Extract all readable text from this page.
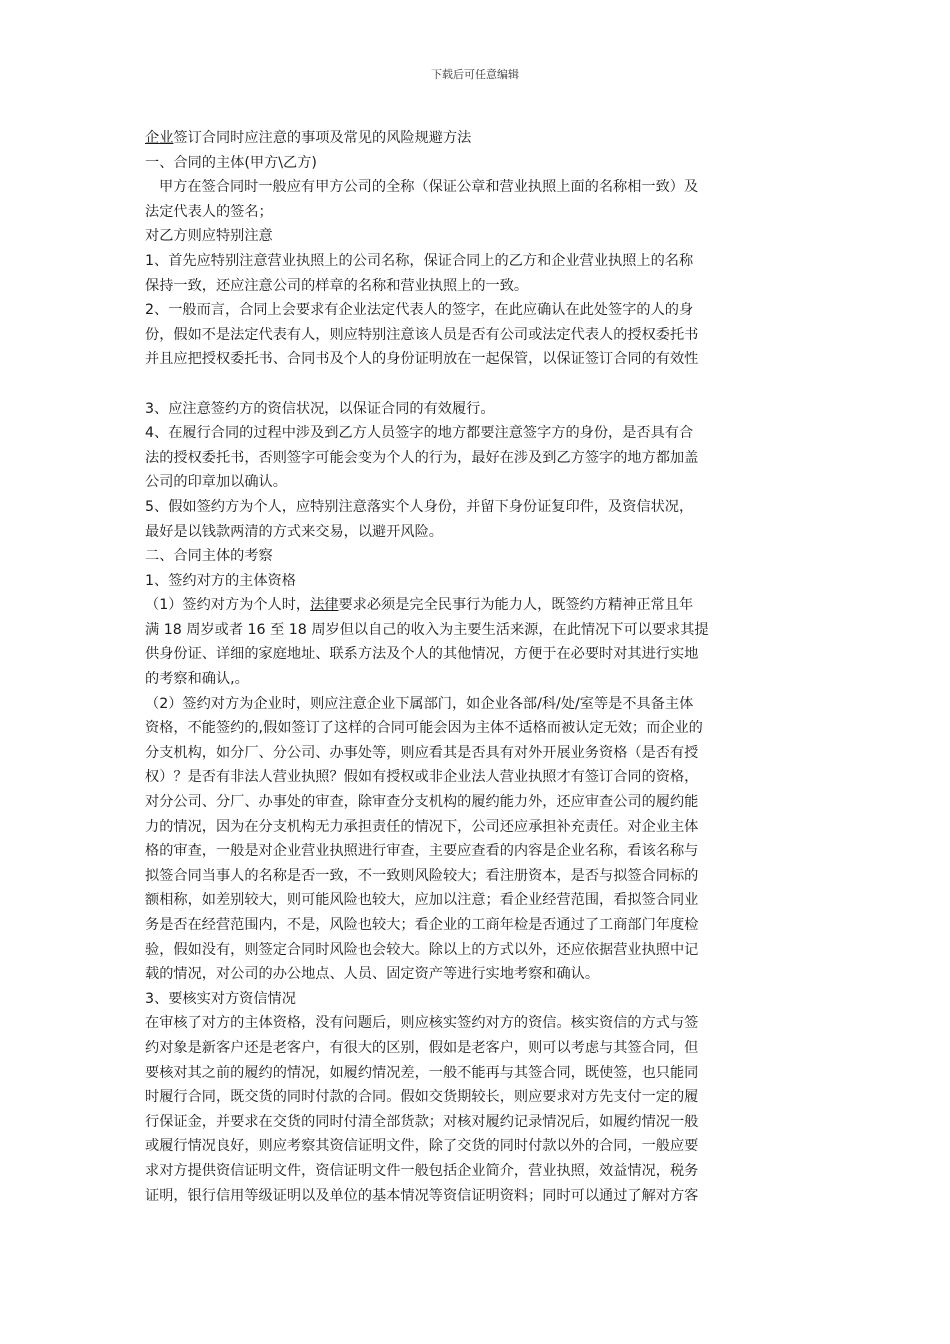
下载后可任意编辑

企业签订合同时应注意的事项及常见的风险规避方法

一、合同的主体(甲方\乙方)

甲方在签合同时一般应有甲方公司的全称（保证公章和营业执照上面的名称相一致）及

法定代表人的签名；

对乙方则应特别注意

1、首先应特别注意营业执照上的公司名称，保证合同上的乙方和企业营业执照上的名称

保持一致，还应注意公司的样章的名称和营业执照上的一致。

2、一般而言，合同上会要求有企业法定代表人的签字，在此应确认在此处签字的人的身

份，假如不是法定代表有人，则应特别注意该人员是否有公司或法定代表人的授权委托书

并且应把授权委托书、合同书及个人的身份证明放在一起保管，以保证签订合同的有效性

3、应注意签约方的资信状况，以保证合同的有效履行。

4、在履行合同的过程中涉及到乙方人员签字的地方都要注意签字方的身份，是否具有合

法的授权委托书，否则签字可能会变为个人的行为，最好在涉及到乙方签字的地方都加盖

公司的印章加以确认。

5、假如签约方为个人，应特别注意落实个人身份，并留下身份证复印件，及资信状况，

最好是以钱款两清的方式来交易，以避开风险。

二、合同主体的考察

1、签约对方的主体资格

（1）签约对方为个人时，法律要求必须是完全民事行为能力人，既签约方精神正常且年

满 18 周岁或者 16 至 18 周岁但以自己的收入为主要生活来源，在此情况下可以要求其提

供身份证、详细的家庭地址、联系方法及个人的其他情况，方便于在必要时对其进行实地

的考察和确认,。

（2）签约对方为企业时，则应注意企业下属部门，如企业各部/科/处/室等是不具备主体

资格，不能签约的,假如签订了这样的合同可能会因为主体不适格而被认定无效；而企业的

分支机构，如分厂、分公司、办事处等，则应看其是否具有对外开展业务资格（是否有授

权）？是否有非法人营业执照？假如有授权或非企业法人营业执照才有签订合同的资格，

对分公司、分厂、办事处的审查，除审查分支机构的履约能力外，还应审查公司的履约能

力的情况，因为在分支机构无力承担责任的情况下，公司还应承担补充责任。对企业主体

格的审查，一般是对企业营业执照进行审查，主要应查看的内容是企业名称，看该名称与

拟签合同当事人的名称是否一致，不一致则风险较大；看注册资本，是否与拟签合同标的

额相称，如差别较大，则可能风险也较大，应加以注意；看企业经营范围，看拟签合同业

务是否在经营范围内，不是，风险也较大；看企业的工商年检是否通过了工商部门年度检

验，假如没有，则签定合同时风险也会较大。除以上的方式以外，还应依据营业执照中记

载的情况，对公司的办公地点、人员、固定资产等进行实地考察和确认。

3、要核实对方资信情况

在审核了对方的主体资格，没有问题后，则应核实签约对方的资信。核实资信的方式与签

约对象是新客户还是老客户，有很大的区别，假如是老客户，则可以考虑与其签合同，但

要核对其之前的履约的情况，如履约情况差，一般不能再与其签合同，既使签，也只能同

时履行合同，既交货的同时付款的合同。假如交货期较长，则应要求对方先支付一定的履

行保证金，并要求在交货的同时付清全部货款；对核对履约记录情况后，如履约情况一般

或履行情况良好，则应考察其资信证明文件，除了交货的同时付款以外的合同，一般应要

求对方提供资信证明文件，资信证明文件一般包括企业简介，营业执照，效益情况，税务

证明，银行信用等级证明以及单位的基本情况等资信证明资料；同时可以通过了解对方客
